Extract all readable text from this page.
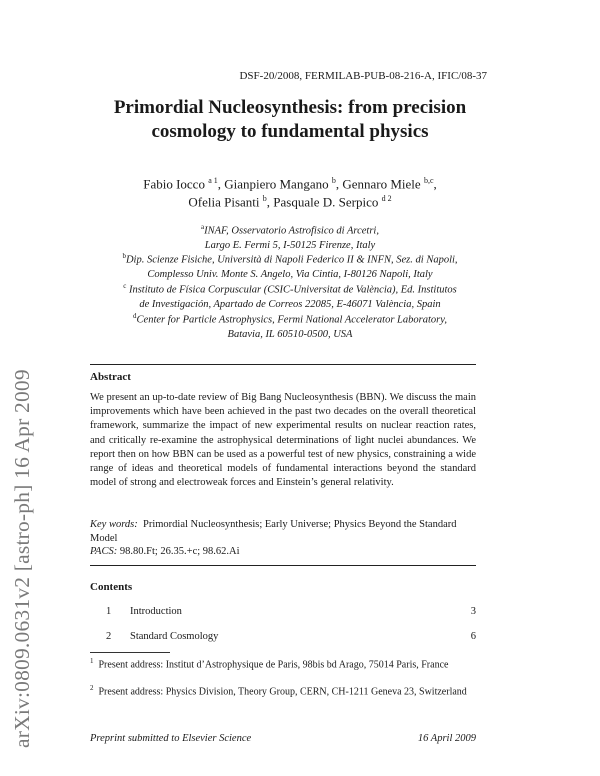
arXiv:0809.0631v2 [astro-ph] 16 Apr 2009
DSF-20/2008, FERMILAB-PUB-08-216-A, IFIC/08-37
Primordial Nucleosynthesis: from precision
cosmology to fundamental physics
Fabio Iocco $^{a 1}$, Gianpiero Mangano $^b$, Gennaro Miele $^{b,c}$,
Ofelia Pisanti $^b$, Pasquale D. Serpico $^{d 2}$
$^a$INAF, Osservatorio Astrofisico di Arcetri,
Largo E. Fermi 5, I-50125 Firenze, Italy
$^b$Dip. Scienze Fisiche, Università di Napoli Federico II & INFN, Sez. di Napoli,
Complesso Univ. Monte S. Angelo, Via Cintia, I-80126 Napoli, Italy
$^c$ Instituto de Física Corpuscular (CSIC-Universitat de València), Ed. Institutos
de Investigación, Apartado de Correos 22085, E-46071 València, Spain
$^d$Center for Particle Astrophysics, Fermi National Accelerator Laboratory,
Batavia, IL 60510-0500, USA
Abstract
We present an up-to-date review of Big Bang Nucleosynthesis (BBN). We discuss the main improvements which have been achieved in the past two decades on the overall theoretical framework, summarize the impact of new experimental results on nuclear reaction rates, and critically re-examine the astrophysical determinations of light nuclei abundances. We report then on how BBN can be used as a powerful test of new physics, constraining a wide range of ideas and theoretical models of fundamental interactions beyond the standard model of strong and electroweak forces and Einstein’s general relativity.
Key words: Primordial Nucleosynthesis; Early Universe; Physics Beyond the Standard Model
PACS: 98.80.Ft; 26.35.+c; 98.62.Ai
Contents
1 Introduction	3
2 Standard Cosmology	6
$^1$ Present address: Institut d’Astrophysique de Paris, 98bis bd Arago, 75014 Paris, France
$^2$ Present address: Physics Division, Theory Group, CERN, CH-1211 Geneva 23, Switzerland
Preprint submitted to Elsevier Science	16 April 2009
